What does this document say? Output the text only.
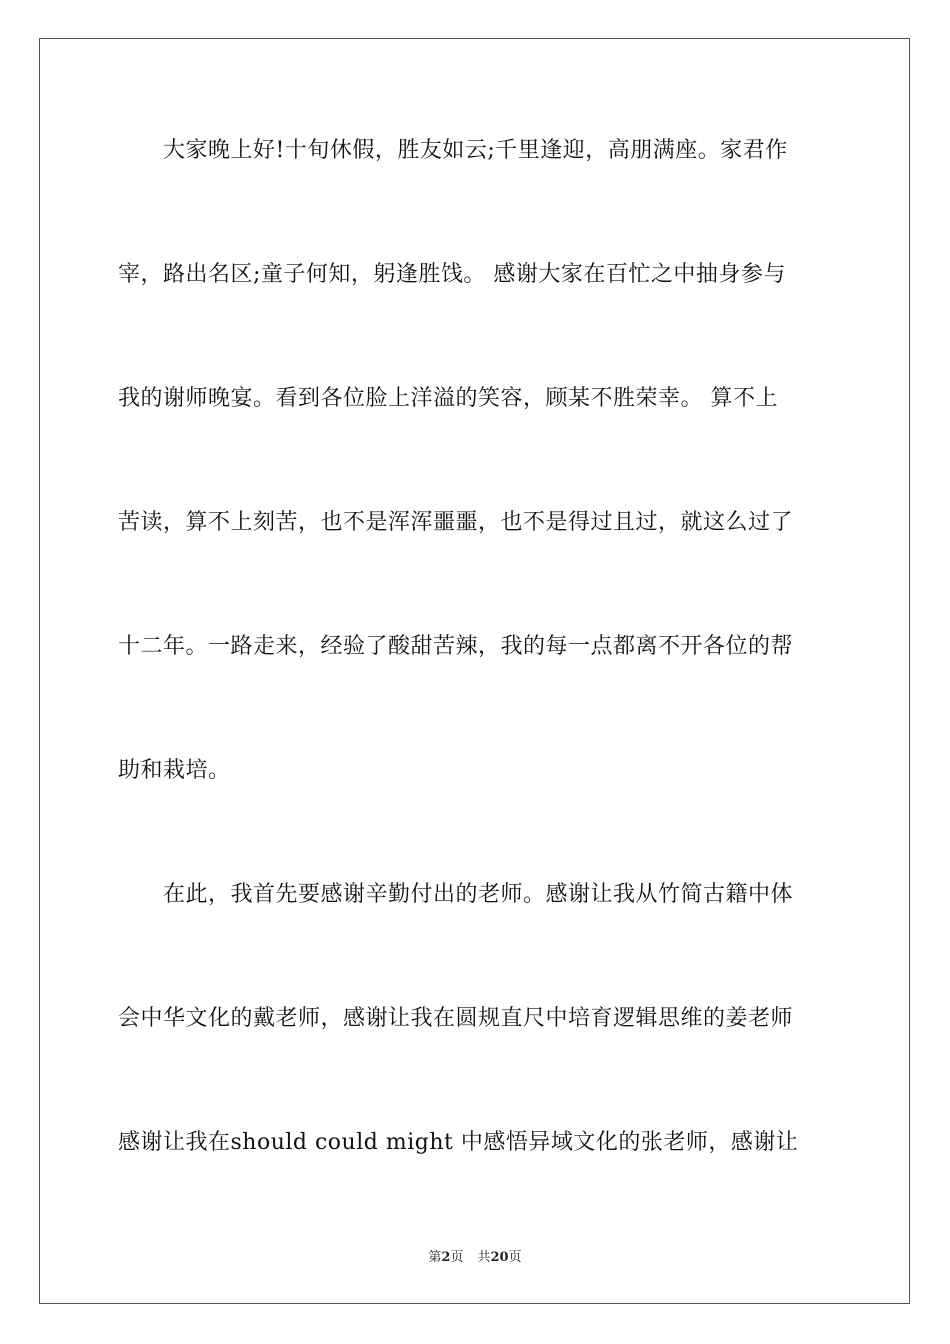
大家晚上好!十旬休假，胜友如云;千里逢迎，高朋满座。家君作
宰，路出名区;童子何知，躬逢胜饯。 感谢大家在百忙之中抽身参与
我的谢师晚宴。看到各位脸上洋溢的笑容，顾某不胜荣幸。 算不上
苦读，算不上刻苦，也不是浑浑噩噩，也不是得过且过，就这么过了
十二年。一路走来，经验了酸甜苦辣，我的每一点都离不开各位的帮
助和栽培。
在此，我首先要感谢辛勤付出的老师。感谢让我从竹简古籍中体
会中华文化的戴老师，感谢让我在圆规直尺中培育逻辑思维的姜老师
感谢让我在should could might 中感悟异域文化的张老师，感谢让
第2页 共20页
